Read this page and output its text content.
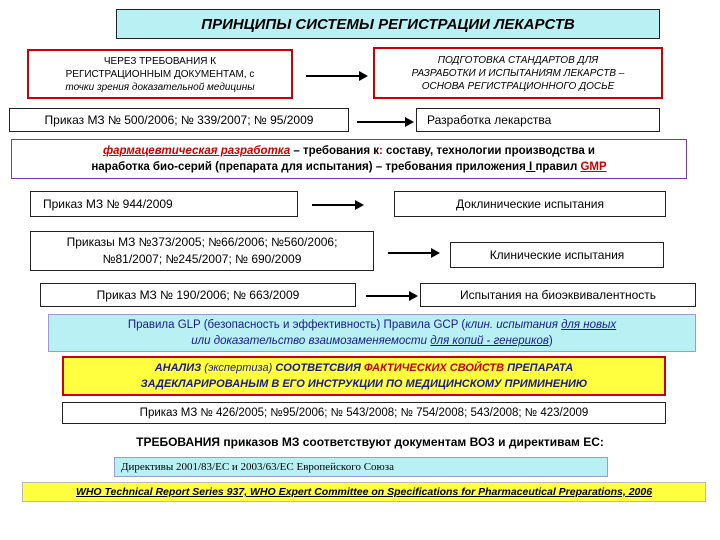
ПРИНЦИПЫ СИСТЕМЫ РЕГИСТРАЦИИ ЛЕКАРСТВ
ЧЕРЕЗ ТРЕБОВАНИЯ К
РЕГИСТРАЦИОННЫМ ДОКУМЕНТАМ, с
точки зрения доказательной медицины
ПОДГОТОВКА СТАНДАРТОВ ДЛЯ
РАЗРАБОТКИ И ИСПЫТАНИЯМ ЛЕКАРСТВ –
ОСНОВА РЕГИСТРАЦИОННОГО ДОСЬЕ
Приказ МЗ № 500/2006; № 339/2007; № 95/2009	Разработка лекарства
фармацевтическая разработка – требования к: составу, технологии производства и
наработка био-серий (препарата для испытания) – требования приложения I правил GMP
Приказ МЗ № 944/2009	Доклинические испытания
Приказы МЗ №373/2005; №66/2006; №560/2006;
№81/2007; №245/2007; № 690/2009	Клинические испытания
Приказ МЗ № 190/2006; № 663/2009	Испытания на биоэквивалентность
Правила GLP (безопасность и эффективность) Правила GCP (клин. испытания для новых
или доказательство взаимозаменяемости для копий - генериков)
АНАЛИЗ (экспертиза) СООТВЕТСВИЯ ФАКТИЧЕСКИХ СВОЙСТВ ПРЕПАРАТА
ЗАДЕКЛАРИРОВАНЫМ В ЕГО ИНСТРУКЦИИ ПО МЕДИЦИНСКОМУ ПРИМИНЕНИЮ
Приказ МЗ № 426/2005; №95/2006; № 543/2008; № 754/2008; 543/2008; № 423/2009
ТРЕБОВАНИЯ приказов МЗ соответствуют документам ВОЗ и директивам ЕС:
Директивы 2001/83/ЕС и 2003/63/ЕС Европейского Союза
WHO Technical Report Series 937, WHO Expert Committee on Specifications for Pharmaceutical Preparations, 2006
